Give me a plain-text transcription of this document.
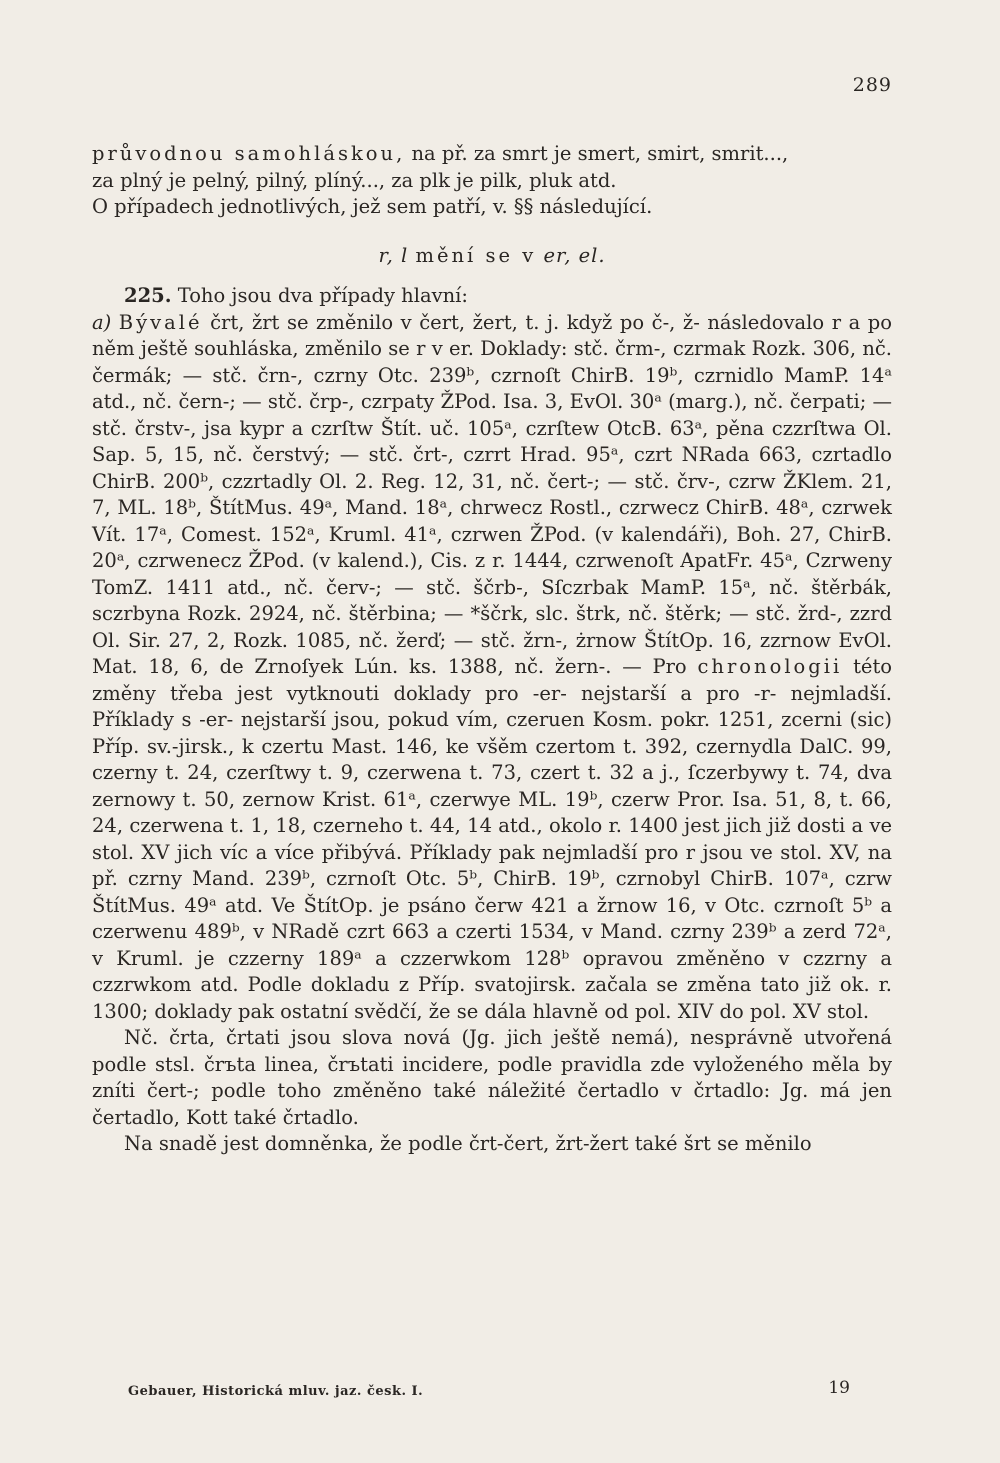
289

průvodnou samohláskou, na př. za smrt je smert, smirt, smrit...,
za plný je pelný, pilný, plíný..., za plk je pilk, pluk atd.
O případech jednotlivých, jež sem patří, v. §§ následující.

r, l mění se v er, el.

225. Toho jsou dva případy hlavní:
a) Bývalé črt, žrt se změnilo v čert, žert, t. j. když po č-, ž- následovalo r a po něm ještě souhláska, změnilo se r v er. Doklady: stč. črm-, czrmak Rozk. 306, nč. čermák; — stč. črn-, czrny Otc. 239ᵇ, czrnoſt ChirB. 19ᵇ, czrnidlo MamP. 14ᵃ atd., nč. čern-; — stč. črp-, czrpaty ŽPod. Isa. 3, EvOl. 30ᵃ (marg.), nč. čerpati; — stč. črstv-, jsa kypr a czrſtw Štít. uč. 105ᵃ, czrſtew OtcB. 63ᵃ, pěna czzrſtwa Ol. Sap. 5, 15, nč. čerstvý; — stč. črt-, czrrt Hrad. 95ᵃ, czrt NRada 663, czrtadlo ChirB. 200ᵇ, czzrtadly Ol. 2. Reg. 12, 31, nč. čert-; — stč. črv-, czrw ŽKlem. 21, 7, ML. 18ᵇ, ŠtítMus. 49ᵃ, Mand. 18ᵃ, chrwecz Rostl., czrwecz ChirB. 48ᵃ, czrwek Vít. 17ᵃ, Comest. 152ᵃ, Kruml. 41ᵃ, czrwen ŽPod. (v kalendáři), Boh. 27, ChirB. 20ᵃ, czrwenecz ŽPod. (v kalend.), Cis. z r. 1444, czrwenoſt ApatFr. 45ᵃ, Czrweny TomZ. 1411 atd., nč. červ-; — stč. ščrb-, Sſczrbak MamP. 15ᵃ, nč. štěrbák, sczrbyna Rozk. 2924, nč. štěrbina; — *ščrk, slc. štrk, nč. štěrk; — stč. žrd-, zzrd Ol. Sir. 27, 2, Rozk. 1085, nč. žerď; — stč. žrn-, żrnow ŠtítOp. 16, zzrnow EvOl. Mat. 18, 6, de Zrnoſyek Lún. ks. 1388, nč. žern-. — Pro chronologii této změny třeba jest vytknouti doklady pro -er- nejstarší a pro -r- nejmladší. Příklady s -er- nejstarší jsou, pokud vím, czeruen Kosm. pokr. 1251, zcerni (sic) Příp. sv.-jirsk., k czertu Mast. 146, ke všěm czertom t. 392, czernydla DalC. 99, czerny t. 24, czerſtwy t. 9, czerwena t. 73, czert t. 32 a j., ſczerbywy t. 74, dva zernowy t. 50, zernow Krist. 61ᵃ, czerwye ML. 19ᵇ, czerw Pror. Isa. 51, 8, t. 66, 24, czerwena t. 1, 18, czerneho t. 44, 14 atd., okolo r. 1400 jest jich již dosti a ve stol. XV jich víc a více přibývá. Příklady pak nejmladší pro r jsou ve stol. XV, na př. czrny Mand. 239ᵇ, czrnoſt Otc. 5ᵇ, ChirB. 19ᵇ, czrnobyl ChirB. 107ᵃ, czrw ŠtítMus. 49ᵃ atd. Ve ŠtítOp. je psáno čerw 421 a žrnow 16, v Otc. czrnoſt 5ᵇ a czerwenu 489ᵇ, v NRadě czrt 663 a czerti 1534, v Mand. czrny 239ᵇ a zerd 72ᵃ, v Kruml. je czzerny 189ᵃ a czzerwkom 128ᵇ opravou změněno v czzrny a czzrwkom atd. Podle dokladu z Příp. svatojirsk. začala se změna tato již ok. r. 1300; doklady pak ostatní svědčí, že se dála hlavně od pol. XIV do pol. XV stol.

Nč. črta, črtati jsou slova nová (Jg. jich ještě nemá), nesprávně utvořená podle stsl. črъta linea, črъtati incidere, podle pravidla zde vyloženého měla by zníti čert-; podle toho změněno také náležité čertadlo v črtadlo: Jg. má jen čertadlo, Kott také črtadlo.

Na snadě jest domněnka, že podle črt-čert, žrt-žert také šrt se měnilo

Gebauer, Historická mluv. jaz. česk. I.	19
